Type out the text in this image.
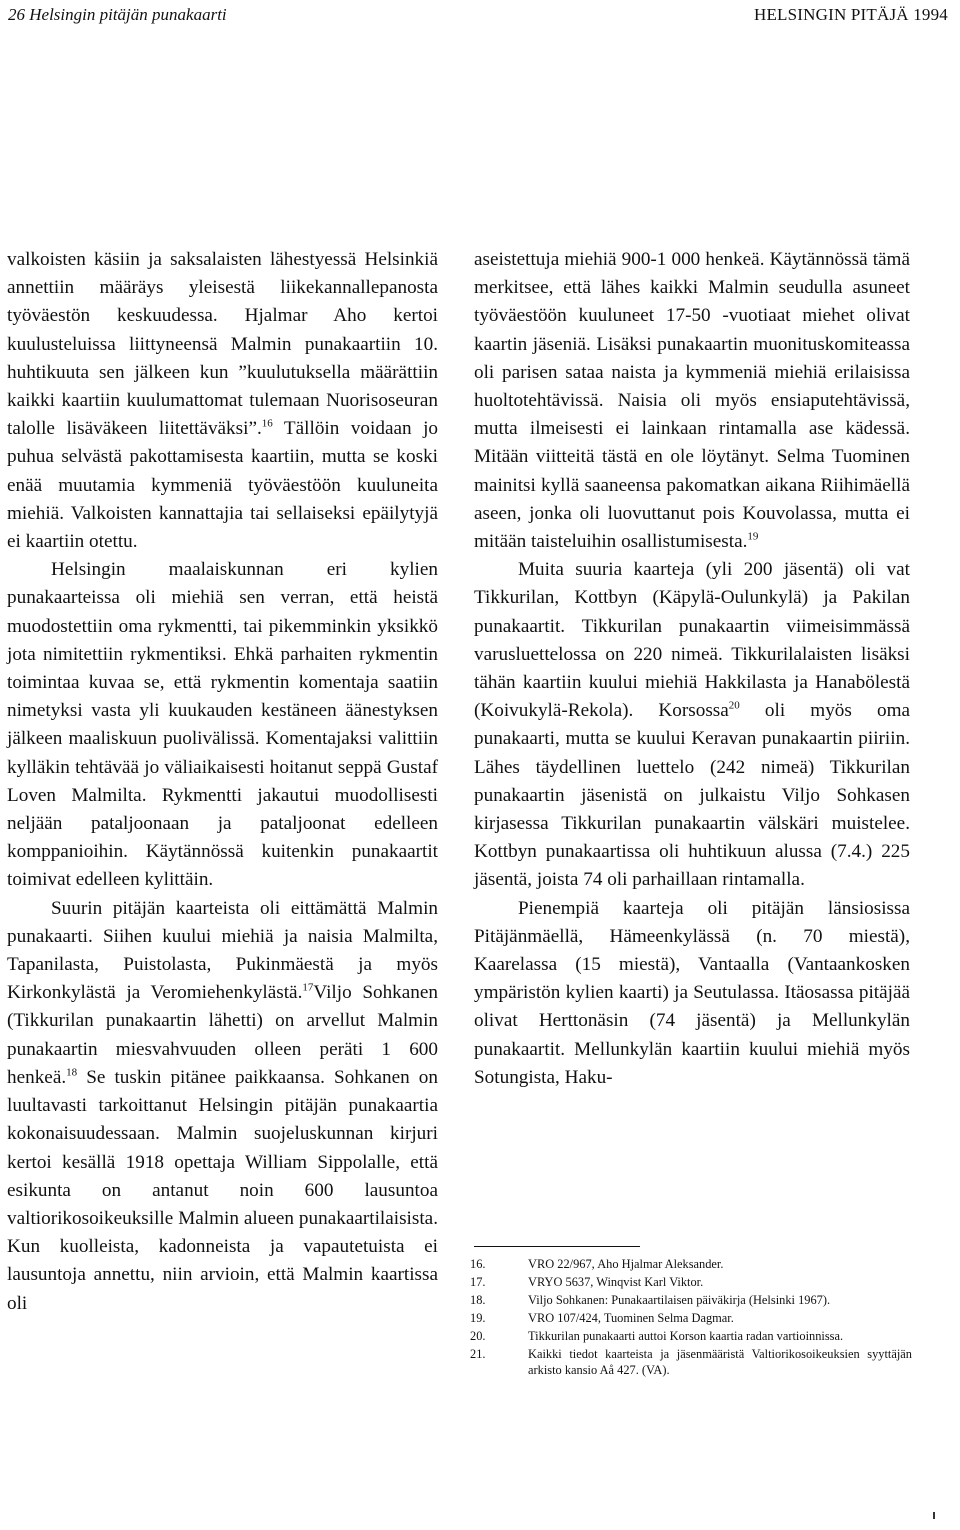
26 Helsingin pitäjän punakaarti	HELSINGIN PITÄJÄ 1994

valkoisten käsiin ja saksalaisten lähestyessä Helsinkiä annettiin määräys yleisestä liikekannallepanosta työväestön keskuudessa. Hjalmar Aho kertoi kuulusteluissa liittyneensä Malmin punakaartiin 10. huhtikuuta sen jälkeen kun ”kuulutuksella määrättiin kaikki kaartiin kuulumattomat tulemaan Nuorisoseuran talolle lisäväkeen liitettäväksi”.$^{16}$ Tällöin voidaan jo puhua selvästä pakottamisesta kaartiin, mutta se koski enää muutamia kymmeniä työväestöön kuuluneita miehiä. Valkoisten kannattajia tai sellaiseksi epäilytyjä ei kaartiin otettu.

Helsingin maalaiskunnan eri kylien punakaarteissa oli miehiä sen verran, että heistä muodostettiin oma rykmentti, tai pikemminkin yksikkö jota nimitettiin rykmentiksi. Ehkä parhaiten rykmentin toimintaa kuvaa se, että rykmentin komentaja saatiin nimetyksi vasta yli kuukauden kestäneen äänestyksen jälkeen maaliskuun puolivälissä. Komentajaksi valittiin kylläkin tehtävää jo väliaikaisesti hoitanut seppä Gustaf Loven Malmilta. Rykmentti jakautui muodollisesti neljään pataljoonaan ja pataljoonat edelleen komppanioihin. Käytännössä kuitenkin punakaartit toimivat edelleen kylittäin.

Suurin pitäjän kaarteista oli eittämättä Malmin punakaarti. Siihen kuului miehiä ja naisia Malmilta, Tapanilasta, Puistolasta, Pukinmäestä ja myös Kirkonkylästä ja Veromiehenkylästä.$^{17}$Viljo Sohkanen (Tikkurilan punakaartin lähetti) on arvellut Malmin punakaartin miesvahvuuden olleen peräti 1 600 henkeä.$^{18}$ Se tuskin pitänee paikkaansa. Sohkanen on luultavasti tarkoittanut Helsingin pitäjän punakaartia kokonaisuudessaan. Malmin suojeluskunnan kirjuri kertoi kesällä 1918 opettaja William Sippolalle, että esikunta on antanut noin 600 lausuntoa valtiorikosoikeuksille Malmin alueen punakaartilaisista. Kun kuolleista, kadonneista ja vapautetuista ei lausuntoja annettu, niin arvioin, että Malmin kaartissa oli

aseistettuja miehiä 900-1 000 henkeä. Käytännössä tämä merkitsee, että lähes kaikki Malmin seudulla asuneet työväestöön kuuluneet 17-50 -vuotiaat miehet olivat kaartin jäseniä. Lisäksi punakaartin muonituskomiteassa oli parisen sataa naista ja kymmeniä miehiä erilaisissa huoltotehtävissä. Naisia oli myös ensiaputehtävissä, mutta ilmeisesti ei lainkaan rintamalla ase kädessä. Mitään viitteitä tästä en ole löytänyt. Selma Tuominen mainitsi kyllä saaneensa pakomatkan aikana Riihimäellä aseen, jonka oli luovuttanut pois Kouvolassa, mutta ei mitään taisteluihin osallistumisesta.$^{19}$

Muita suuria kaarteja (yli 200 jäsentä) oli vat Tikkurilan, Kottbyn (Käpylä-Oulunkylä) ja Pakilan punakaartit. Tikkurilan punakaartin viimeisimmässä varusluettelossa on 220 nimeä. Tikkurilalaisten lisäksi tähän kaartiin kuului miehiä Hakkilasta ja Hanabölestä (Koivukylä-Rekola). Korsossa$^{20}$ oli myös oma punakaarti, mutta se kuului Keravan punakaartin piiriin. Lähes täydellinen luettelo (242 nimeä) Tikkurilan punakaartin jäsenistä on julkaistu Viljo Sohkasen kirjasessa Tikkurilan punakaartin välskäri muistelee. Kottbyn punakaartissa oli huhtikuun alussa (7.4.) 225 jäsentä, joista 74 oli parhaillaan rintamalla.

Pienempiä kaarteja oli pitäjän länsiosissa Pitäjänmäellä, Hämeenkylässä (n. 70 miestä), Kaarelassa (15 miestä), Vantaalla (Vantaankosken ympäristön kylien kaarti) ja Seutulassa. Itäosassa pitäjää olivat Herttonäsin (74 jäsentä) ja Mellunkylän punakaartit. Mellunkylän kaartiin kuului miehiä myös Sotungista, Haku-

16.	VRO 22/967, Aho Hjalmar Aleksander.
17.	VRYO 5637, Winqvist Karl Viktor.
18.	Viljo Sohkanen: Punakaartilaisen päiväkirja (Helsinki 1967).
19.	VRO 107/424, Tuominen Selma Dagmar.
20.	Tikkurilan punakaarti auttoi Korson kaartia radan vartioinnissa.
21.	Kaikki tiedot kaarteista ja jäsenmääristä Valtiorikosoikeuksien syyttäjän arkisto kansio Aå 427. (VA).
